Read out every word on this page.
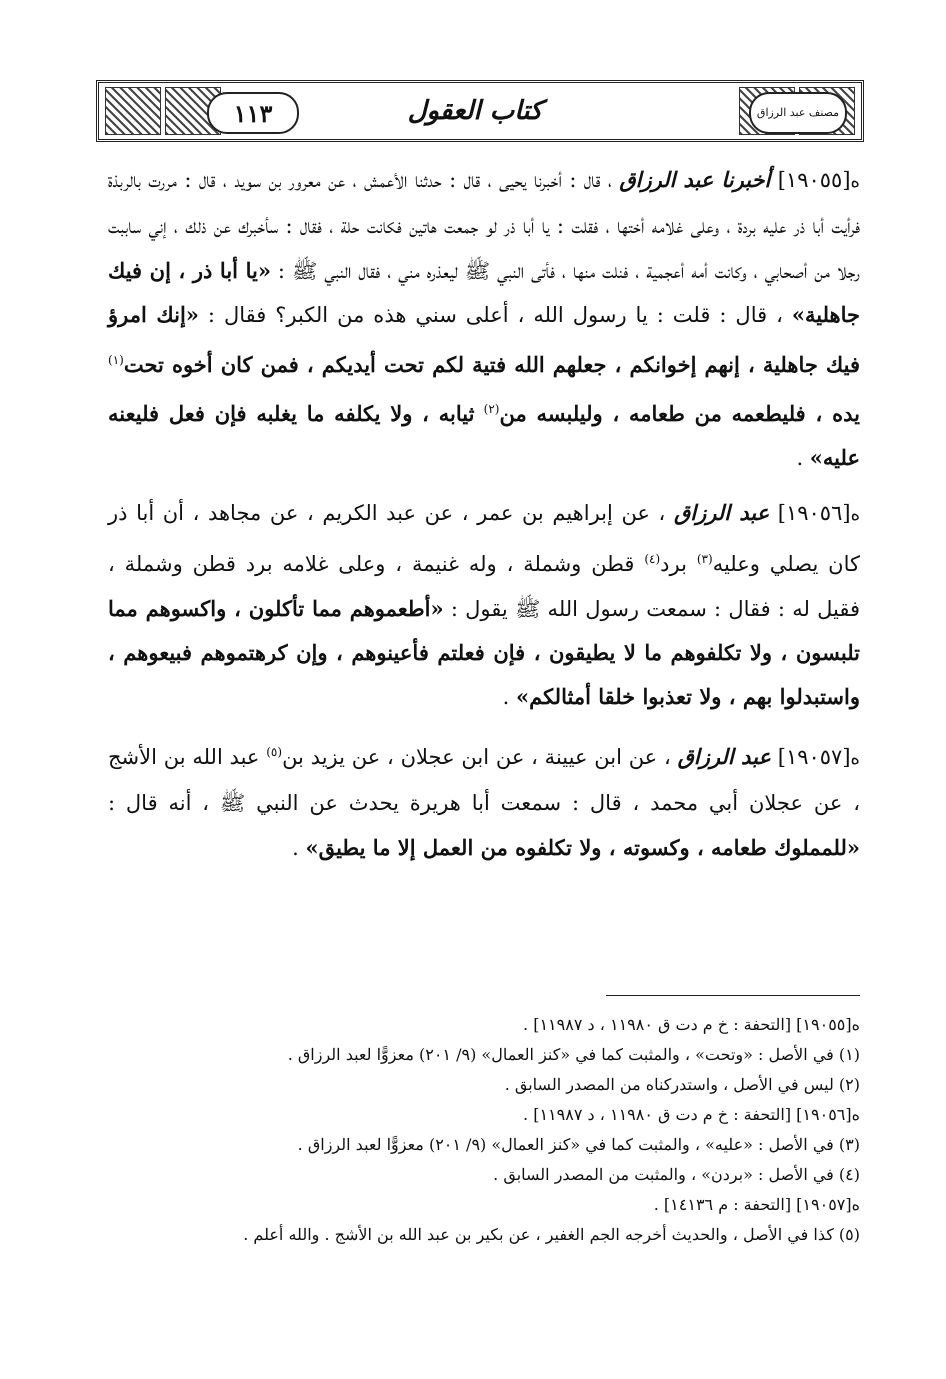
١١٣	كتاب العقول	مصنف عبد الرزاق

ه[١٩٠٥٥] أخبرنا عبد الرزاق ، قال : أخبرنا يحيى ، قال : حدثنا الأعمش ، عن معرور بن سويد ، قال : مررت بالربذة فرأيت أبا ذر عليه بردة ، وعلى غلامه أختها ، فقلت : يا أبا ذر لو جمعت هاتين فكانت حلة ، فقال : سأخبرك عن ذلك ، إني ساببت رجلا من أصحابي ، وكانت أمه أعجمية ، فنلت منها ، فأتى النبي ﷺ ليعذره مني ، فقال النبي ﷺ : «يا أبا ذر ، إن فيك جاهلية» ، قال : قلت : يا رسول الله ، أعلى سني هذه من الكبر؟ فقال : «إنك امرؤ فيك جاهلية ، إنهم إخوانكم ، جعلهم الله فتية لكم تحت أيديكم ، فمن كان أخوه تحت$^{(١)}$ يده ، فليطعمه من طعامه ، وليلبسه من$^{(٢)}$ ثيابه ، ولا يكلفه ما يغلبه فإن فعل فليعنه عليه» .

ه[١٩٠٥٦] عبد الرزاق ، عن إبراهيم بن عمر ، عن عبد الكريم ، عن مجاهد ، أن أبا ذر كان يصلي وعليه$^{(٣)}$ برد$^{(٤)}$ قطن وشملة ، وله غنيمة ، وعلى غلامه برد قطن وشملة ، فقيل له : فقال : سمعت رسول الله ﷺ يقول : «أطعموهم مما تأكلون ، واكسوهم مما تلبسون ، ولا تكلفوهم ما لا يطيقون ، فإن فعلتم فأعينوهم ، وإن كرهتموهم فبيعوهم ، واستبدلوا بهم ، ولا تعذبوا خلقا أمثالكم» .

ه[١٩٠٥٧] عبد الرزاق ، عن ابن عيينة ، عن ابن عجلان ، عن يزيد بن$^{(٥)}$ عبد الله بن الأشج ، عن عجلان أبي محمد ، قال : سمعت أبا هريرة يحدث عن النبي ﷺ ، أنه قال : «للمملوك طعامه ، وكسوته ، ولا تكلفوه من العمل إلا ما يطيق» .

ه[١٩٠٥٥] [التحفة : خ م دت ق ١١٩٨٠ ، د ١١٩٨٧] .
(١) في الأصل : «وتحت» ، والمثبت كما في «كنز العمال» (٩/ ٢٠١) معزوًّا لعبد الرزاق .
(٢) ليس في الأصل ، واستدركناه من المصدر السابق .
ه[١٩٠٥٦] [التحفة : خ م دت ق ١١٩٨٠ ، د ١١٩٨٧] .
(٣) في الأصل : «عليه» ، والمثبت كما في «كنز العمال» (٩/ ٢٠١) معزوًّا لعبد الرزاق .
(٤) في الأصل : «بردن» ، والمثبت من المصدر السابق .
ه[١٩٠٥٧] [التحفة : م ١٤١٣٦] .
(٥) كذا في الأصل ، والحديث أخرجه الجم الغفير ، عن بكير بن عبد الله بن الأشج . والله أعلم .
